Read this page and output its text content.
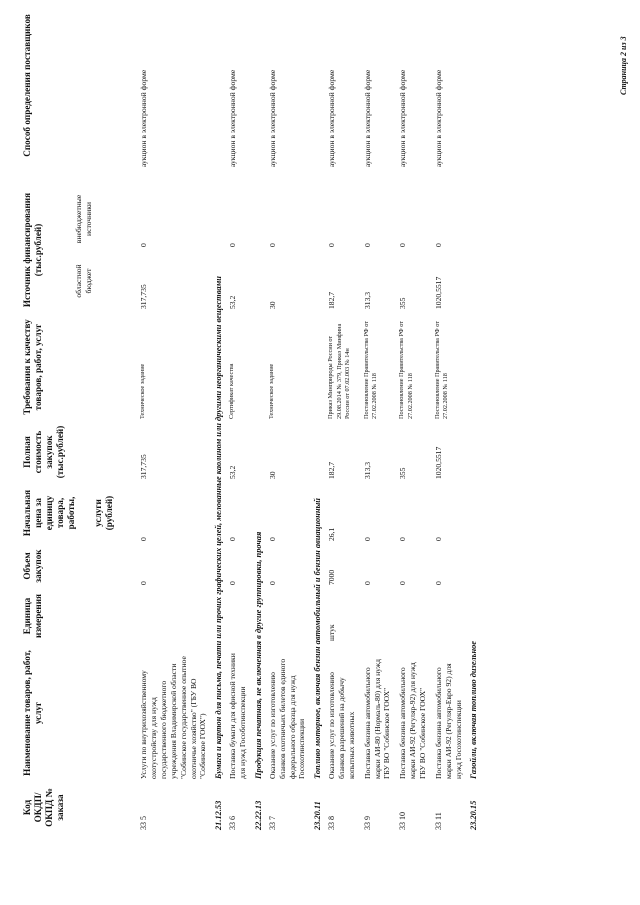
Код ОКДП/ ОКПД № заказа	Наименование товаров, работ, услуг	Единица измерения	Объем закупок	Начальная цена за единицу товара, работы, услуги (рублей)	Полная стоимость закупок (тыс.рублей)	Требования к качеству товаров, работ, услуг	Источник финансирования (тыс.рублей)			Способ определения поставщиков
							областной бюджет	внебюджетные источники		

33 5	Услуги по внутрихозяйственному охотустройству для нужд государственного бюджетного учреждения Владимирской области "Собинское государственное опытное охотничье хозяйство" (ГБУ ВО "Собинское ГООХ")		0	0	317,735	Техническое задание	317,735	0		аукцион в электронной форме
21.12.53Бумага и картон для письма, печати или прочих графических целей, мелованные каолином или другими неорганическими веществами										
33 6	Поставка бумаги для офисной техники для нужд Гособотинспекции		0	0	53,2	Сертификат качества	53,2	0		аукцион в электронной форме
22.22.13Продукция печатная, не включенная в другие группировки, прочая										
33 7	Оказание услуг по изготовлению бланков охотничьих билетов единого федерального образца для нужд Госохотинспекции		0	0	30	Техническое задание	30	0		аукцион в электронной форме
23.20.11Топливо моторное, включая бензин автомобильный и бензин авиационный										
33 8	Оказание услуг по изготовлению бланков разрешений на добычу копытных животных	штук	7000	26,1	182,7	Приказ Минприроды России от 29.08.2014 № 379, Приказ Минфина России от 07.02.003 № 14н	182,7	0		аукцион в электронной форме
33 9	Поставка бензина автомобильного марки АИ-80 (Нормаль-80) для нужд ГБУ ВО "Собинское ГООХ"		0	0	313,3	Постановление Правительства РФ от 27.02.2008 № 118	313,3	0		аукцион в электронной форме
33 10	Поставка бензина автомобильного марки АИ-92 (Регуляр-92) для нужд ГБУ ВО "Собинское ГООХ"		0	0	355	Постановление Правительства РФ от 27.02.2008 № 118	355	0		аукцион в электронной форме
33 11	Поставка бензина автомобильного марки АИ-92 (Регуляр-Евро 92) для нужд Госохотинспекции		0	0	1020,5517	Постановление Правительства РФ от 27.02.2008 № 118	1020,5517	0		аукцион в электронной форме
23.20.15Газойли, включая топливо дизельное										
Страница 2 из 3
